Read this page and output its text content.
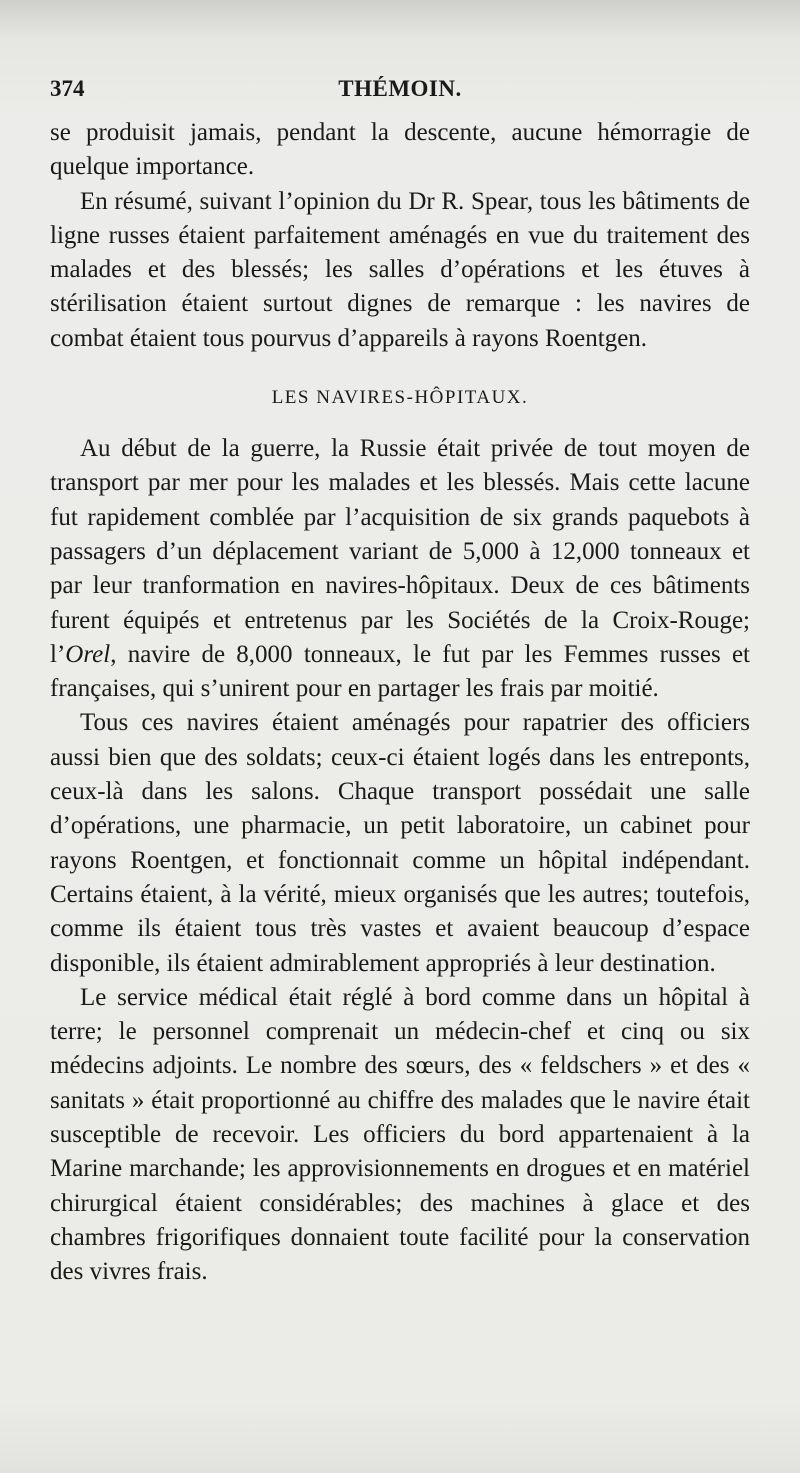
374	THÉMOIN.

se produisit jamais, pendant la descente, aucune hémorragie de quelque importance.

En résumé, suivant l’opinion du Dr R. Spear, tous les bâtiments de ligne russes étaient parfaitement aménagés en vue du traitement des malades et des blessés; les salles d’opérations et les étuves à stérilisation étaient surtout dignes de remarque : les navires de combat étaient tous pourvus d’appareils à rayons Roentgen.

LES NAVIRES-HÔPITAUX.

Au début de la guerre, la Russie était privée de tout moyen de transport par mer pour les malades et les blessés. Mais cette lacune fut rapidement comblée par l’acquisition de six grands paquebots à passagers d’un déplacement variant de 5,000 à 12,000 tonneaux et par leur tranformation en navires-hôpitaux. Deux de ces bâtiments furent équipés et entretenus par les Sociétés de la Croix-Rouge; l’Orel, navire de 8,000 tonneaux, le fut par les Femmes russes et françaises, qui s’unirent pour en partager les frais par moitié.

Tous ces navires étaient aménagés pour rapatrier des officiers aussi bien que des soldats; ceux-ci étaient logés dans les entreponts, ceux-là dans les salons. Chaque transport possédait une salle d’opérations, une pharmacie, un petit laboratoire, un cabinet pour rayons Roentgen, et fonctionnait comme un hôpital indépendant. Certains étaient, à la vérité, mieux organisés que les autres; toutefois, comme ils étaient tous très vastes et avaient beaucoup d’espace disponible, ils étaient admirablement appropriés à leur destination.

Le service médical était réglé à bord comme dans un hôpital à terre; le personnel comprenait un médecin-chef et cinq ou six médecins adjoints. Le nombre des sœurs, des « feldschers » et des « sanitats » était proportionné au chiffre des malades que le navire était susceptible de recevoir. Les officiers du bord appartenaient à la Marine marchande; les approvisionnements en drogues et en matériel chirurgical étaient considérables; des machines à glace et des chambres frigorifiques donnaient toute facilité pour la conservation des vivres frais.
